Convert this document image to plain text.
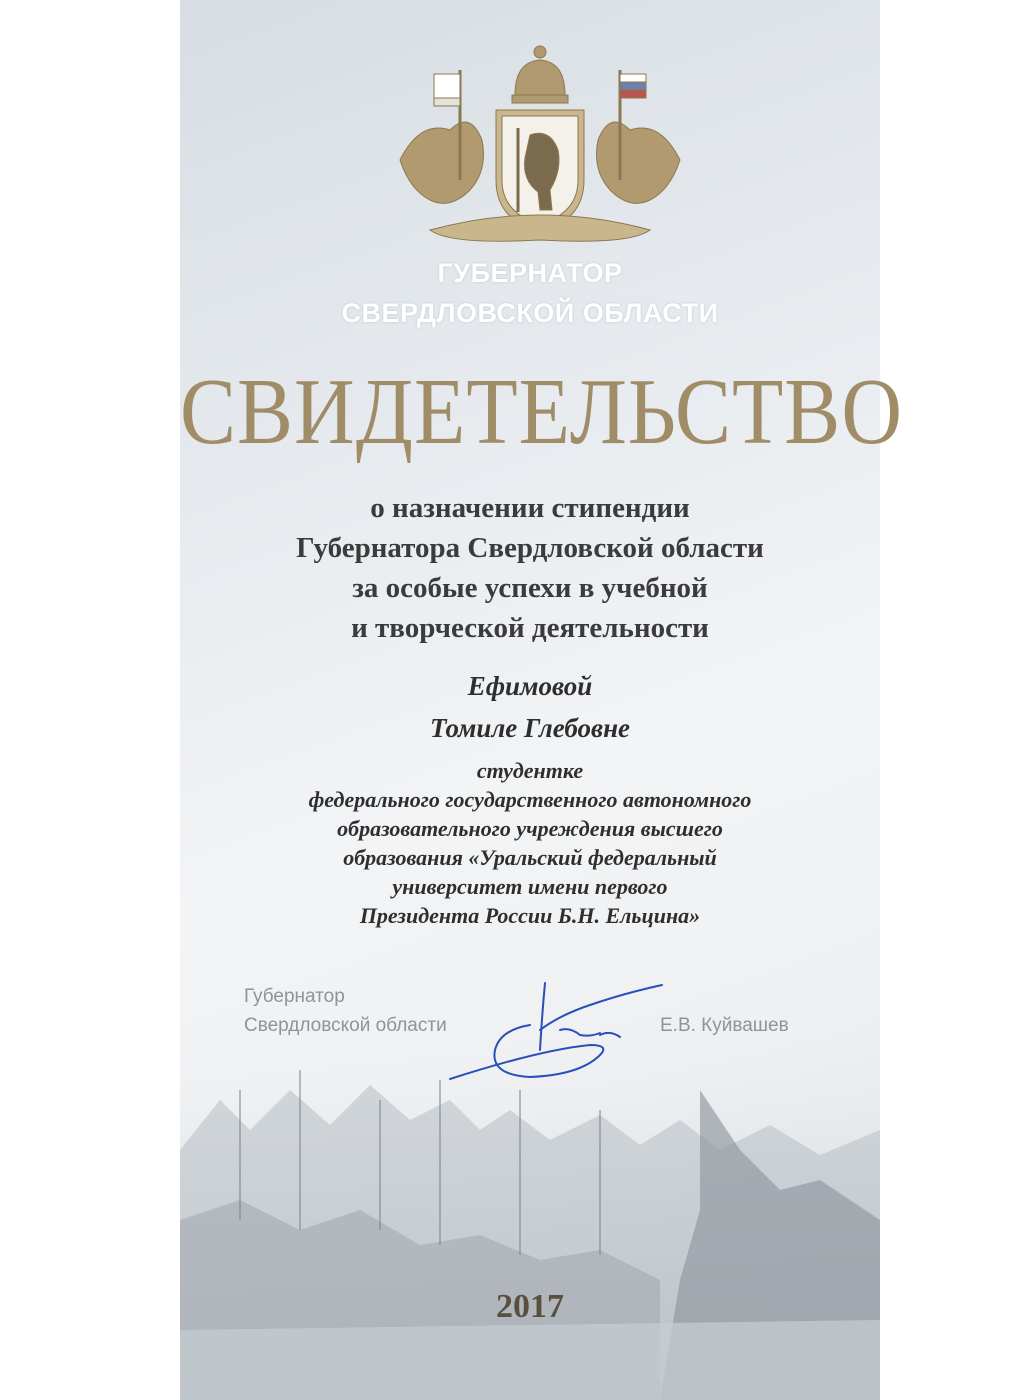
ГУБЕРНАТОР
СВЕРДЛОВСКОЙ ОБЛАСТИ
СВИДЕТЕЛЬСТВО
о назначении стипендии
Губернатора Свердловской области
за особые успехи в учебной
и творческой деятельности
Ефимовой
Томиле Глебовне
студентке
федерального государственного автономного
образовательного учреждения высшего
образования «Уральский федеральный
университет имени первого
Президента России Б.Н. Ельцина»
Губернатор
Свердловской области	Е.В. Куйвашев
2017
